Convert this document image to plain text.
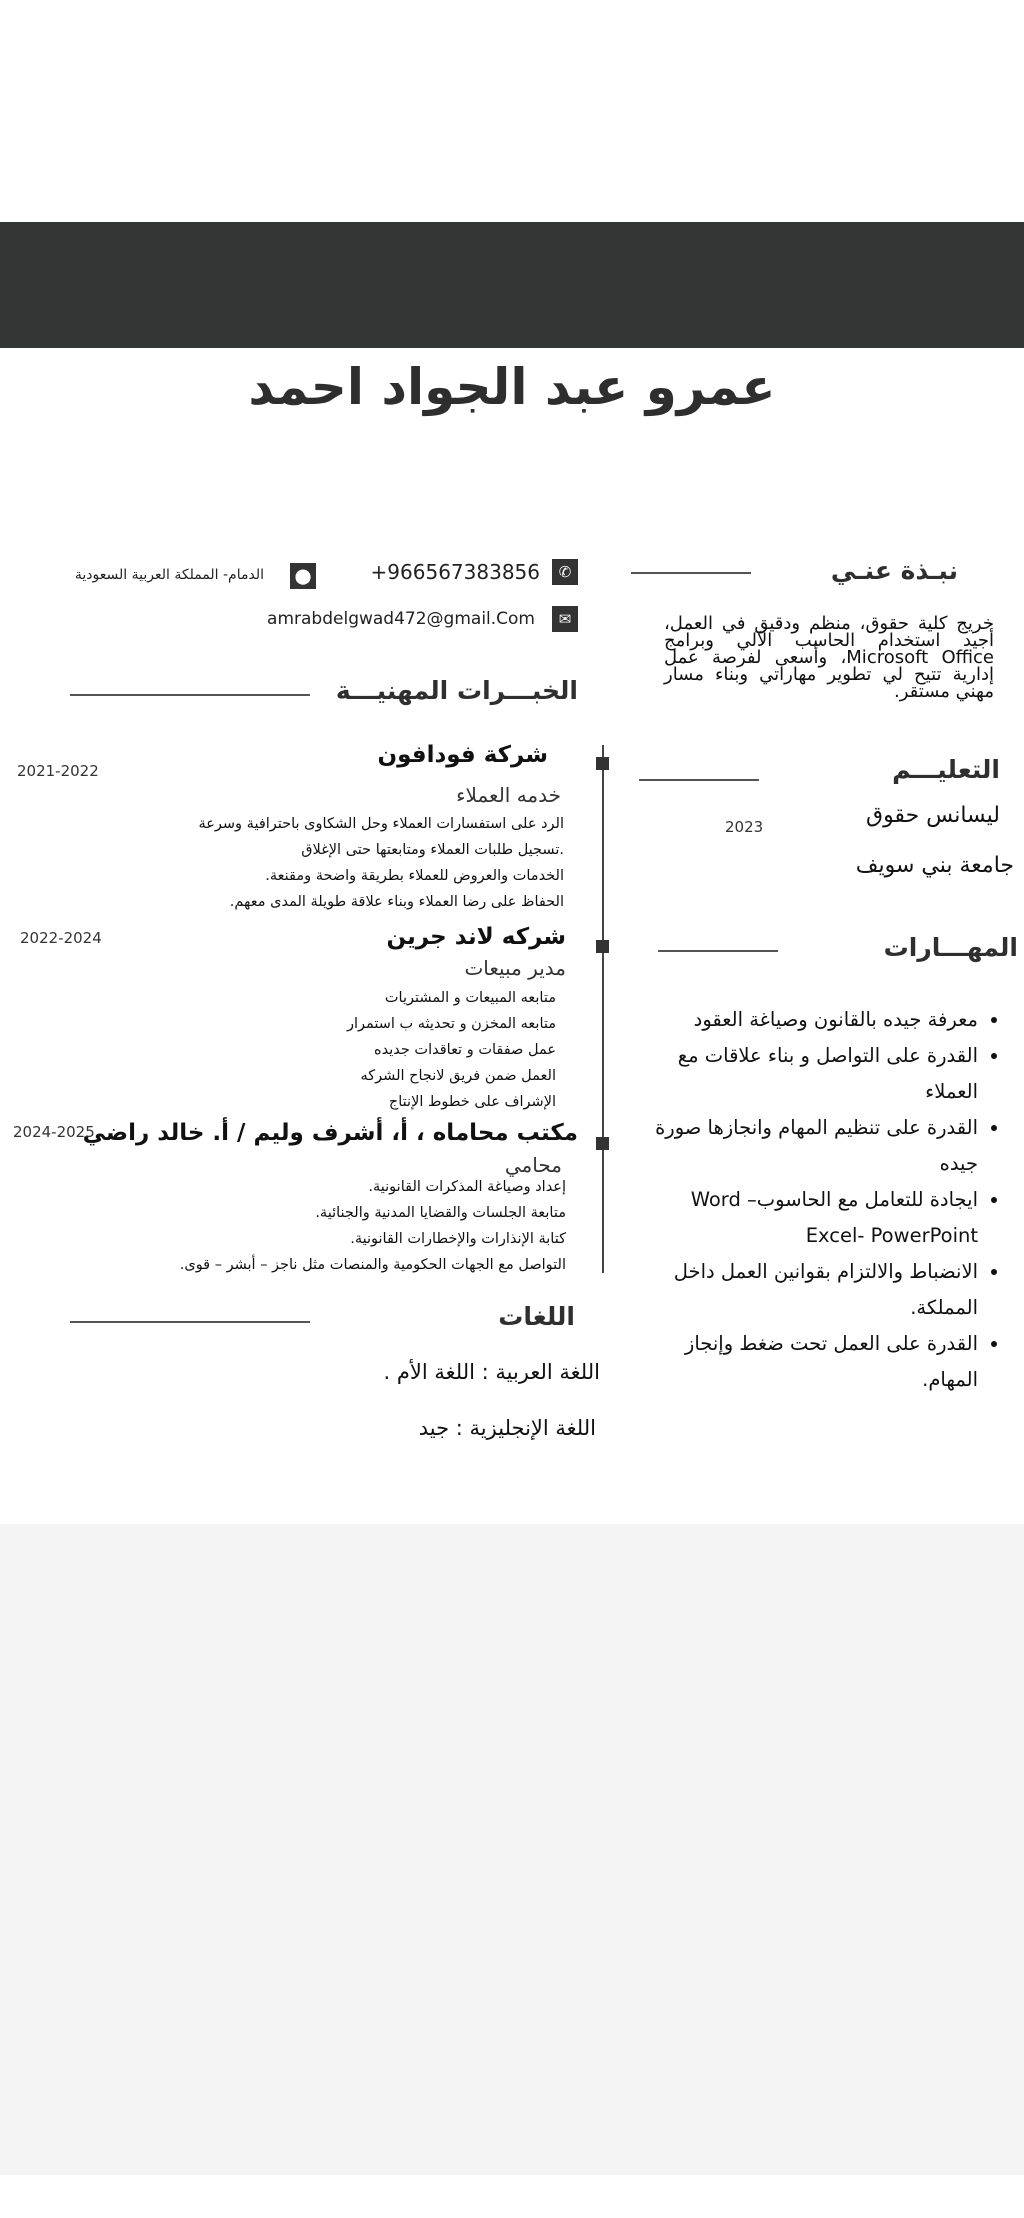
عمرو عبد الجواد احمد
✆
+966567383856
⬤
الدمام- المملكة العربية السعودية
✉
amrabdelgwad472@gmail.Com
نبـذة عنـي
خريج كلية حقوق، منظم ودقيق في العمل، أجيد استخدام الحاسب الآلي وبرامج Microsoft Office، وأسعى لفرصة عمل إدارية تتيح لي تطوير مهاراتي وبناء مسار مهني مستقر.
التعليـــم
ليسانس حقوق
2023
جامعة بني سويف
المهـــارات
• معرفة جيده بالقانون وصياغة العقود
• القدرة على التواصل و بناء علاقات مع العملاء
• القدرة على تنظيم المهام وانجازها صورة جيده
• ايجادة للتعامل مع الحاسوب– Word Excel- PowerPoint
• الانضباط والالتزام بقوانين العمل داخل المملكة.
• القدرة على العمل تحت ضغط وإنجاز المهام.
الخبـــرات المهنيـــة
شركة فودافون
2021-2022
خدمه العملاء
الرد على استفسارات العملاء وحل الشكاوى باحترافية وسرعة
.تسجيل طلبات العملاء ومتابعتها حتى الإغلاق
الخدمات والعروض للعملاء بطريقة واضحة ومقنعة.
الحفاظ على رضا العملاء وبناء علاقة طويلة المدى معهم.
شركه لاند جرين
2022-2024
مدير مبيعات
متابعه المبيعات و المشتريات
متابعه المخزن و تحديثه ب استمرار
عمل صفقات و تعاقدات جديده
العمل ضمن فريق لانجاح الشركه
الإشراف على خطوط الإنتاج
مكتب محاماه ، أ، أشرف وليم / أ. خالد راضي
2024-2025
محامي
إعداد وصياغة المذكرات القانونية.
متابعة الجلسات والقضايا المدنية والجنائية.
كتابة الإنذارات والإخطارات القانونية.
التواصل مع الجهات الحكومية والمنصات مثل ناجز – أبشر – قوى.
اللغات
اللغة العربية : اللغة الأم .
اللغة الإنجليزية : جيد
